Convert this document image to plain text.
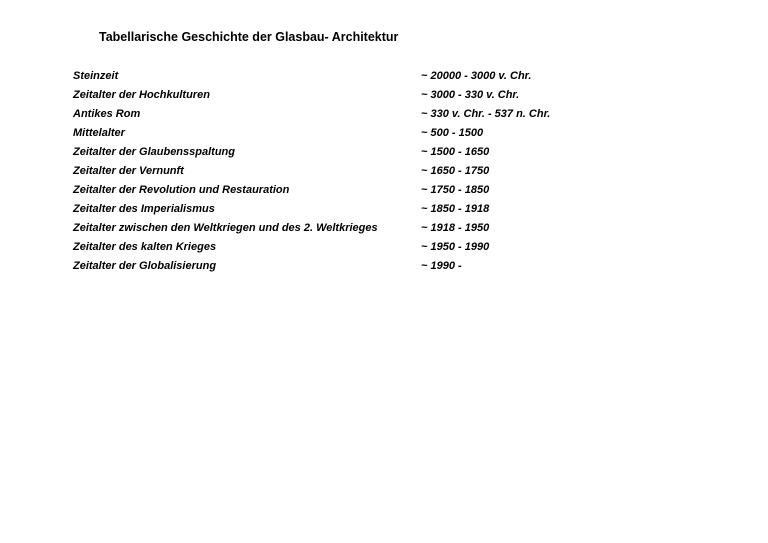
Tabellarische Geschichte der Glasbau- Architektur
Steinzeit	~ 20000 - 3000 v. Chr.
Zeitalter der Hochkulturen	~ 3000 - 330 v. Chr.
Antikes Rom	~ 330 v. Chr. - 537 n. Chr.
Mittelalter	~ 500 - 1500
Zeitalter der Glaubensspaltung	~ 1500 - 1650
Zeitalter der Vernunft	~ 1650 - 1750
Zeitalter der Revolution und Restauration	~ 1750 - 1850
Zeitalter des Imperialismus	~ 1850 - 1918
Zeitalter zwischen den Weltkriegen und des 2. Weltkrieges	~ 1918 - 1950
Zeitalter des kalten Krieges	~ 1950 - 1990
Zeitalter der Globalisierung	~ 1990 -
